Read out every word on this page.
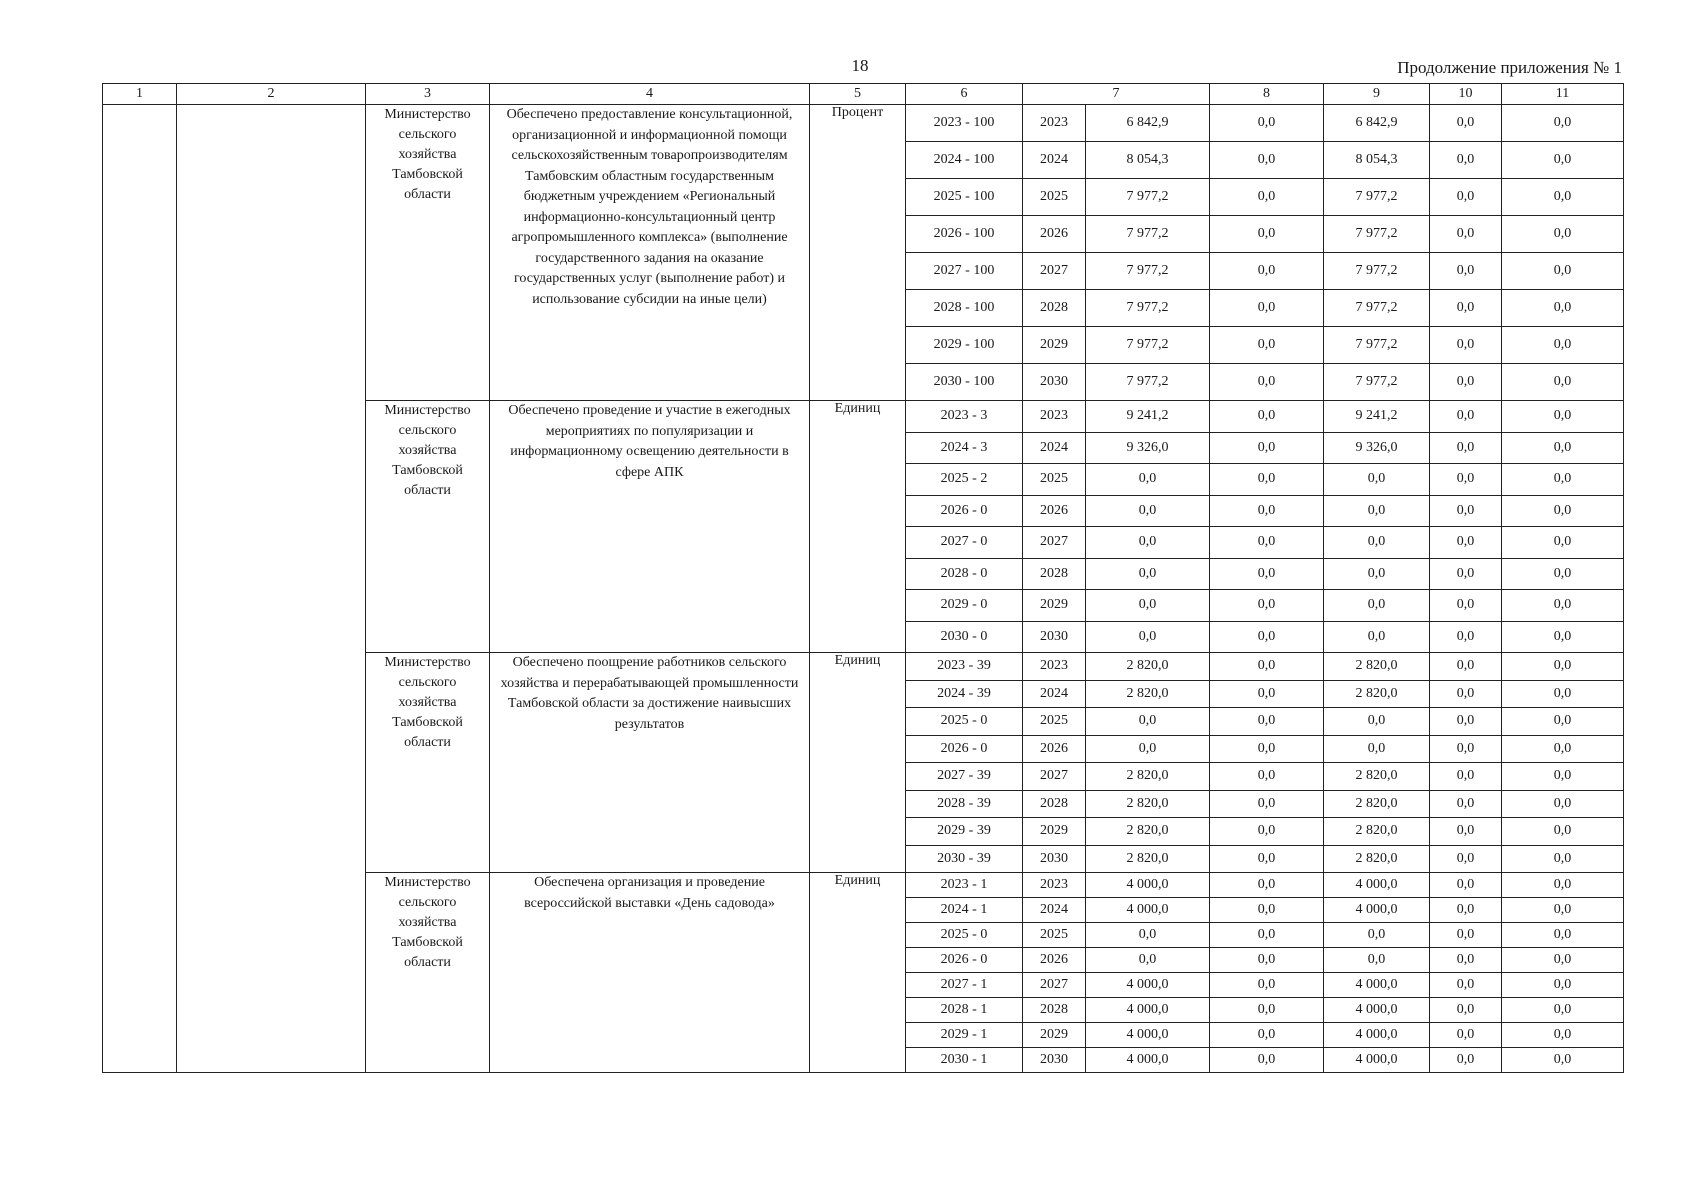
18	Продолжение приложения № 1
1	2	3	4	5	6	7		8	9	10	11
		Министерство сельского хозяйства Тамбовской области	Обеспечено предоставление консультационной, организационной и информационной помощи сельскохозяйственным товаропроизводителям Тамбовским областным государственным бюджетным учреждением «Региональный информационно-консультационный центр агропромышленного комплекса» (выполнение государственного задания на оказание государственных услуг (выполнение работ) и использование субсидии на иные цели)	Процент	2023 - 100	2023	6 842,9	0,0	6 842,9	0,0	0,0
					2024 - 100	2024	8 054,3	0,0	8 054,3	0,0	0,0
					2025 - 100	2025	7 977,2	0,0	7 977,2	0,0	0,0
					2026 - 100	2026	7 977,2	0,0	7 977,2	0,0	0,0
					2027 - 100	2027	7 977,2	0,0	7 977,2	0,0	0,0
					2028 - 100	2028	7 977,2	0,0	7 977,2	0,0	0,0
					2029 - 100	2029	7 977,2	0,0	7 977,2	0,0	0,0
					2030 - 100	2030	7 977,2	0,0	7 977,2	0,0	0,0
		Министерство сельского хозяйства Тамбовской области	Обеспечено проведение и участие в ежегодных мероприятиях по популяризации и информационному освещению деятельности в сфере АПК	Единиц	2023 - 3	2023	9 241,2	0,0	9 241,2	0,0	0,0
					2024 - 3	2024	9 326,0	0,0	9 326,0	0,0	0,0
					2025 - 2	2025	0,0	0,0	0,0	0,0	0,0
					2026 - 0	2026	0,0	0,0	0,0	0,0	0,0
					2027 - 0	2027	0,0	0,0	0,0	0,0	0,0
					2028 - 0	2028	0,0	0,0	0,0	0,0	0,0
					2029 - 0	2029	0,0	0,0	0,0	0,0	0,0
					2030 - 0	2030	0,0	0,0	0,0	0,0	0,0
		Министерство сельского хозяйства Тамбовской области	Обеспечено поощрение работников сельского хозяйства и перерабатывающей промышленности Тамбовской области за достижение наивысших результатов	Единиц	2023 - 39	2023	2 820,0	0,0	2 820,0	0,0	0,0
					2024 - 39	2024	2 820,0	0,0	2 820,0	0,0	0,0
					2025 - 0	2025	0,0	0,0	0,0	0,0	0,0
					2026 - 0	2026	0,0	0,0	0,0	0,0	0,0
					2027 - 39	2027	2 820,0	0,0	2 820,0	0,0	0,0
					2028 - 39	2028	2 820,0	0,0	2 820,0	0,0	0,0
					2029 - 39	2029	2 820,0	0,0	2 820,0	0,0	0,0
					2030 - 39	2030	2 820,0	0,0	2 820,0	0,0	0,0
		Министерство сельского хозяйства Тамбовской области	Обеспечена организация и проведение всероссийской выставки «День садовода»	Единиц	2023 - 1	2023	4 000,0	0,0	4 000,0	0,0	0,0
					2024 - 1	2024	4 000,0	0,0	4 000,0	0,0	0,0
					2025 - 0	2025	0,0	0,0	0,0	0,0	0,0
					2026 - 0	2026	0,0	0,0	0,0	0,0	0,0
					2027 - 1	2027	4 000,0	0,0	4 000,0	0,0	0,0
					2028 - 1	2028	4 000,0	0,0	4 000,0	0,0	0,0
					2029 - 1	2029	4 000,0	0,0	4 000,0	0,0	0,0
					2030 - 1	2030	4 000,0	0,0	4 000,0	0,0	0,0
